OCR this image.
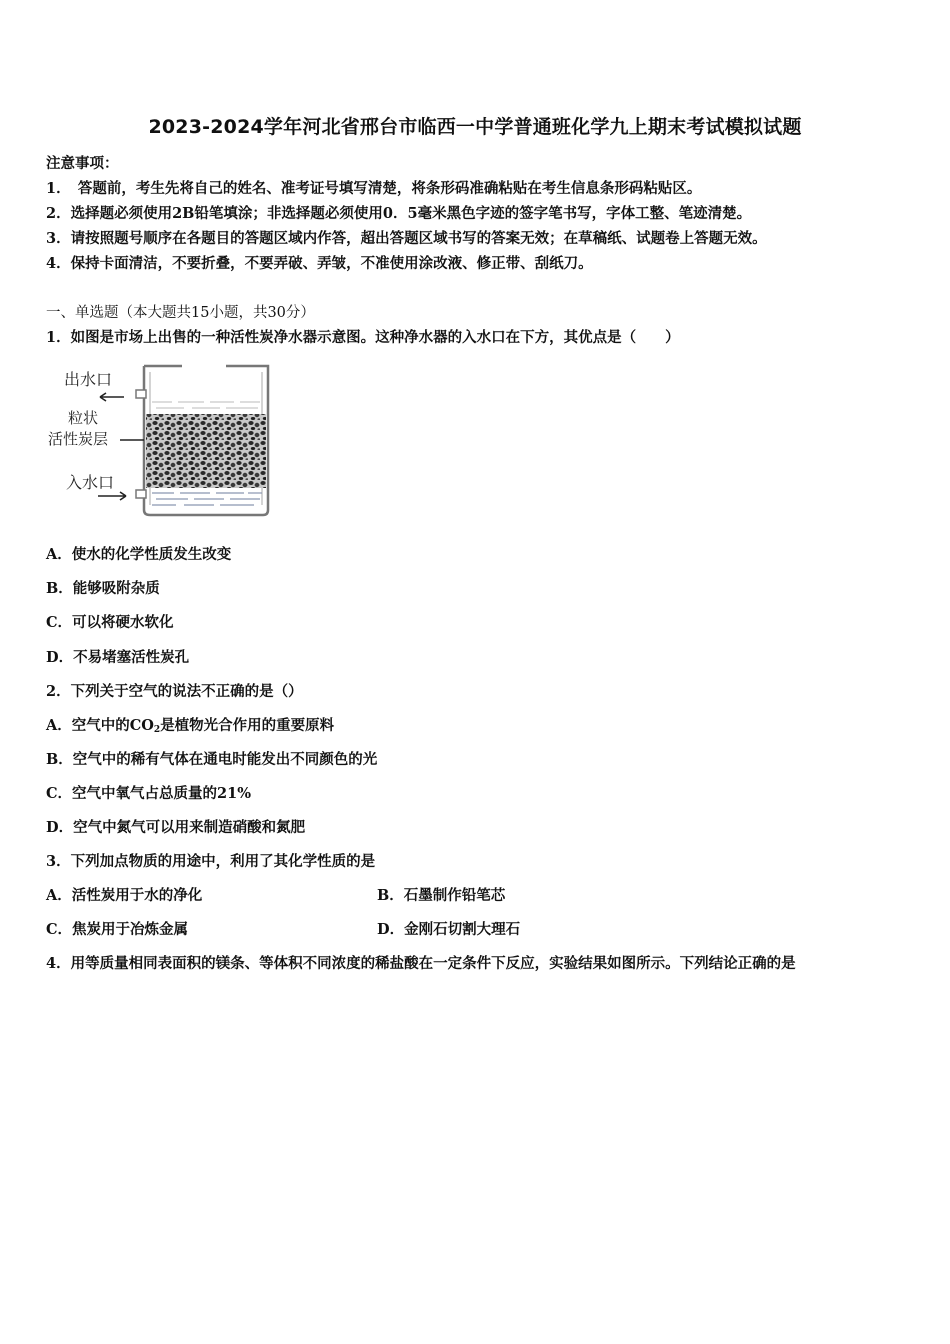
2023-2024学年河北省邢台市临西一中学普通班化学九上期末考试模拟试题
注意事项：
1．　答题前，考生先将自己的姓名、准考证号填写清楚，将条形码准确粘贴在考生信息条形码粘贴区。
2．选择题必须使用2B铅笔填涂；非选择题必须使用0．5毫米黑色字迹的签字笔书写，字体工整、笔迹清楚。
3．请按照题号顺序在各题目的答题区域内作答，超出答题区域书写的答案无效；在草稿纸、试题卷上答题无效。
4．保持卡面清洁，不要折叠，不要弄破、弄皱，不准使用涂改液、修正带、刮纸刀。
一、单选题（本大题共15小题，共30分）
1．如图是市场上出售的一种活性炭净水器示意图。这种净水器的入水口在下方，其优点是（　　）
出水口
粒状
活性炭层
入水口
A．使水的化学性质发生改变
B．能够吸附杂质
C．可以将硬水软化
D．不易堵塞活性炭孔
2．下列关于空气的说法不正确的是（）
A．空气中的$CO_2$是植物光合作用的重要原料
B．空气中的稀有气体在通电时能发出不同颜色的光
C．空气中氧气占总质量的21%
D．空气中氮气可以用来制造硝酸和氮肥
3．下列加点物质的用途中，利用了其化学性质的是
A．活性炭用于水的净化	B．石墨制作铅笔芯
C．焦炭用于冶炼金属	D．金刚石切割大理石
4．用等质量相同表面积的镁条、等体积不同浓度的稀盐酸在一定条件下反应，实验结果如图所示。下列结论正确的是
